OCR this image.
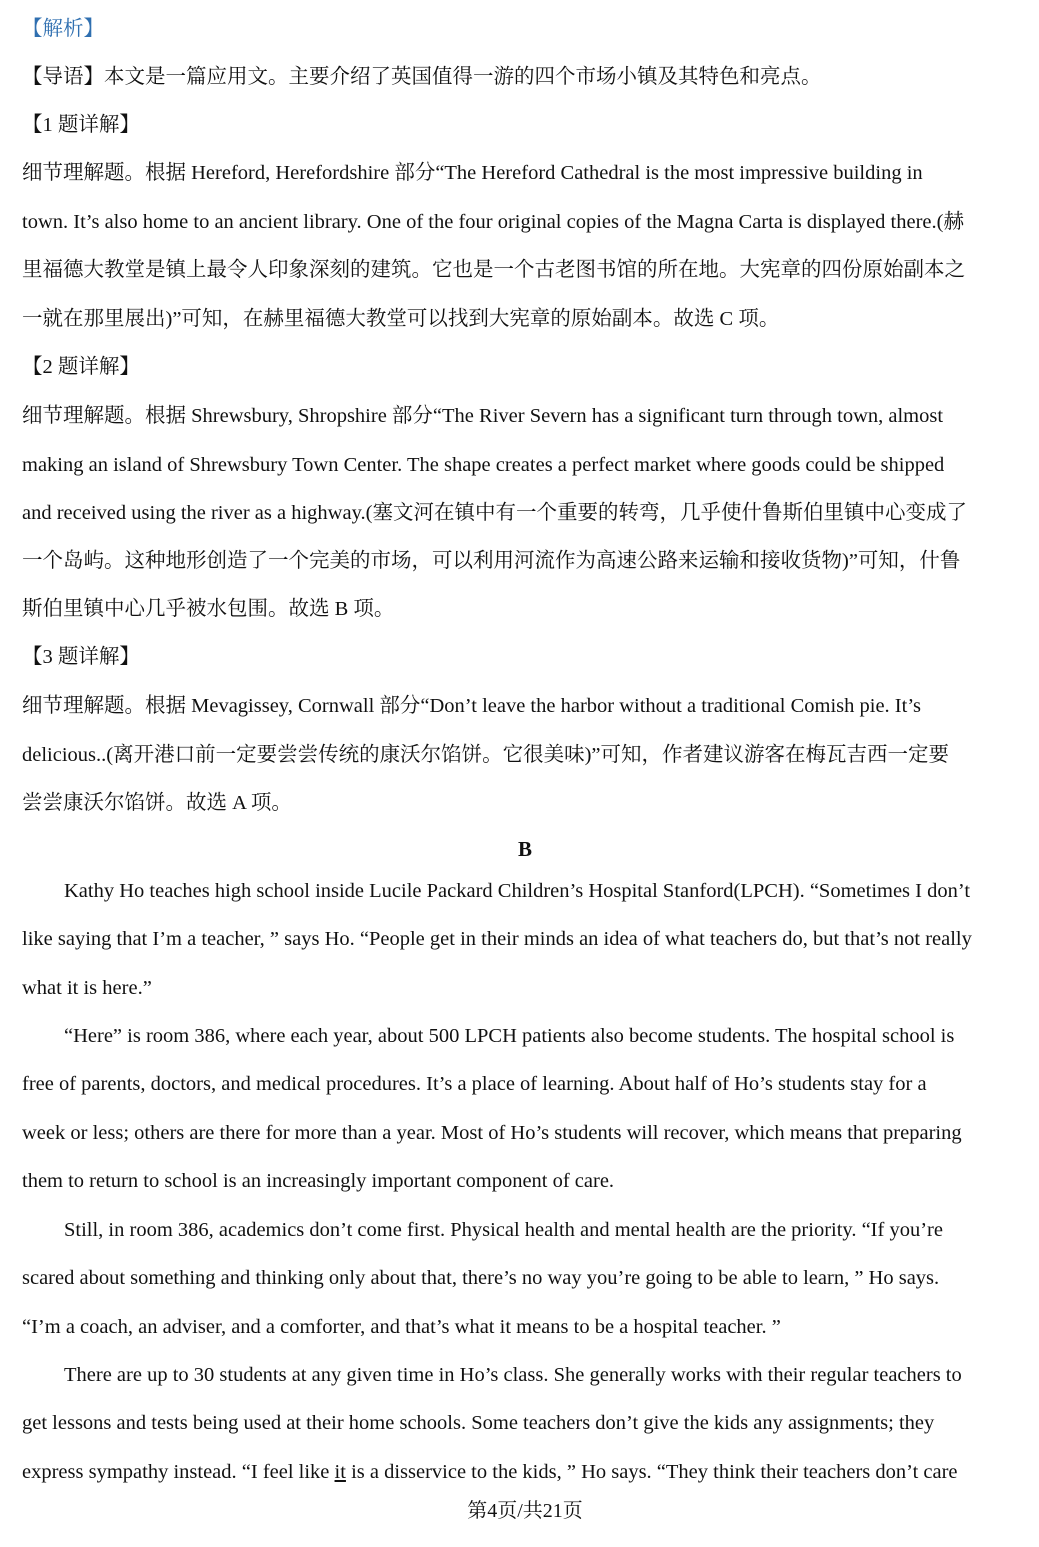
【解析】
【导语】本文是一篇应用文。主要介绍了英国值得一游的四个市场小镇及其特色和亮点。
【1 题详解】
细节理解题。根据 Hereford, Herefordshire 部分“The Hereford Cathedral is the most impressive building in
town. It’s also home to an ancient library. One of the four original copies of the Magna Carta is displayed there.(赫
里福德大教堂是镇上最令人印象深刻的建筑。它也是一个古老图书馆的所在地。大宪章的四份原始副本之
一就在那里展出)”可知，在赫里福德大教堂可以找到大宪章的原始副本。故选 C 项。
【2 题详解】
细节理解题。根据 Shrewsbury, Shropshire 部分“The River Severn has a significant turn through town, almost
making an island of Shrewsbury Town Center. The shape creates a perfect market where goods could be shipped
and received using the river as a highway.(塞文河在镇中有一个重要的转弯，几乎使什鲁斯伯里镇中心变成了
一个岛屿。这种地形创造了一个完美的市场，可以利用河流作为高速公路来运输和接收货物)”可知，什鲁
斯伯里镇中心几乎被水包围。故选 B 项。
【3 题详解】
细节理解题。根据 Mevagissey, Cornwall 部分“Don’t leave the harbor without a traditional Comish pie. It’s
delicious..(离开港口前一定要尝尝传统的康沃尔馅饼。它很美味)”可知，作者建议游客在梅瓦吉西一定要
尝尝康沃尔馅饼。故选 A 项。
B
Kathy Ho teaches high school inside Lucile Packard Children’s Hospital Stanford(LPCH). “Sometimes I don’t
like saying that I’m a teacher, ” says Ho. “People get in their minds an idea of what teachers do, but that’s not really
what it is here.”
“Here” is room 386, where each year, about 500 LPCH patients also become students. The hospital school is
free of parents, doctors, and medical procedures. It’s a place of learning. About half of Ho’s students stay for a
week or less; others are there for more than a year. Most of Ho’s students will recover, which means that preparing
them to return to school is an increasingly important component of care.
Still, in room 386, academics don’t come first. Physical health and mental health are the priority. “If you’re
scared about something and thinking only about that, there’s no way you’re going to be able to learn, ” Ho says.
“I’m a coach, an adviser, and a comforter, and that’s what it means to be a hospital teacher. ”
There are up to 30 students at any given time in Ho’s class. She generally works with their regular teachers to
get lessons and tests being used at their home schools. Some teachers don’t give the kids any assignments; they
express sympathy instead. “I feel like it is a disservice to the kids, ” Ho says. “They think their teachers don’t care
第4页/共21页
